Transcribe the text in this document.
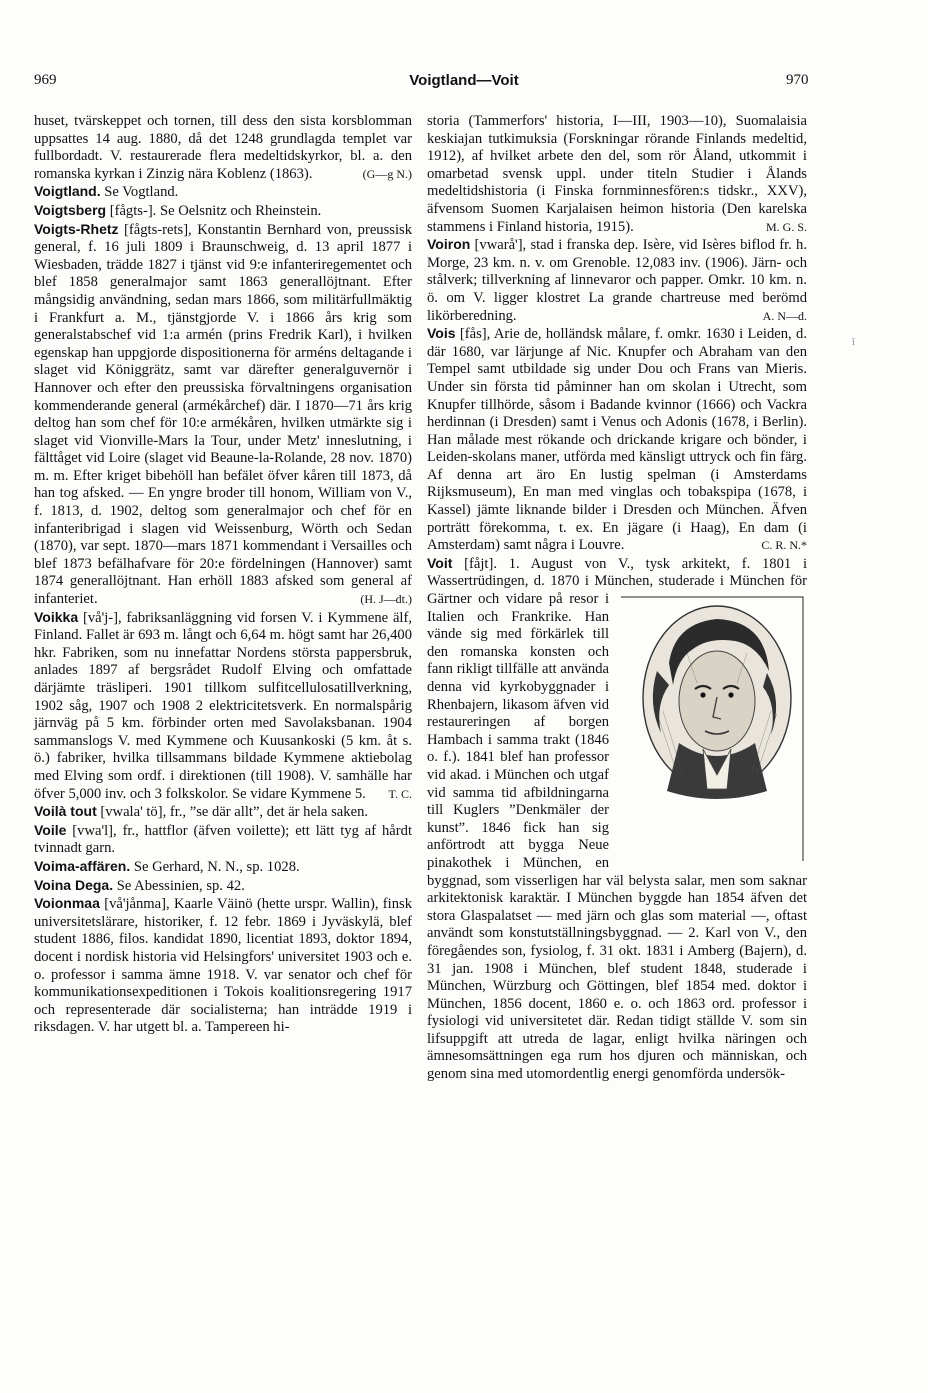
969	Voigtland—Voit	970

huset, tvärskeppet och tornen, till dess den sista korsblomman uppsattes 14 aug. 1880, då det 1248 grundlagda templet var fullbordadt. V. restaurerade flera medeltidskyrkor, bl. a. den romanska kyrkan i Zinzig nära Koblenz (1863).	(G—g N.)

Voigtland. Se Vogtland.

Voigtsberg [fågts-]. Se Oelsnitz och Rheinstein.

Voigts-Rhetz [fågts-rets], Konstantin Bernhard von, preussisk general, f. 16 juli 1809 i Braunschweig, d. 13 april 1877 i Wiesbaden, trädde 1827 i tjänst vid 9:e infanteriregementet och blef 1858 generalmajor samt 1863 generallöjtnant. Efter mångsidig användning, sedan mars 1866, som militärfullmäktig i Frankfurt a. M., tjänstgjorde V. i 1866 års krig som generalstabschef vid 1:a armén (prins Fredrik Karl), i hvilken egenskap han uppgjorde dispositionerna för arméns deltagande i slaget vid Königgrätz, samt var därefter generalguvernör i Hannover och efter den preussiska förvaltningens organisation kommenderande general (armékårchef) där. I 1870—71 års krig deltog han som chef för 10:e armékåren, hvilken utmärkte sig i slaget vid Vionville-Mars la Tour, under Metz' inneslutning, i fälttåget vid Loire (slaget vid Beaune-la-Rolande, 28 nov. 1870) m. m. Efter kriget bibehöll han befälet öfver kåren till 1873, då han tog afsked. — En yngre broder till honom, William von V., f. 1813, d. 1902, deltog som generalmajor och chef för en infanteribrigad i slagen vid Weissenburg, Wörth och Sedan (1870), var sept. 1870—mars 1871 kommendant i Versailles och blef 1873 befälhafvare för 20:e fördelningen (Hannover) samt 1874 generallöjtnant. Han erhöll 1883 afsked som general af infanteriet.	(H. J—dt.)

Voikka [vå'j-], fabriksanläggning vid forsen V. i Kymmene älf, Finland. Fallet är 693 m. långt och 6,64 m. högt samt har 26,400 hkr. Fabriken, som nu innefattar Nordens största pappersbruk, anlades 1897 af bergsrådet Rudolf Elving och omfattade därjämte träsliperi. 1901 tillkom sulfitcellulosatillverkning, 1902 såg, 1907 och 1908 2 elektricitetsverk. En normalspårig järnväg på 5 km. förbinder orten med Savolaksbanan. 1904 sammanslogs V. med Kymmene och Kuusankoski (5 km. åt s. ö.) fabriker, hvilka tillsammans bildade Kymmene aktiebolag med Elving som ordf. i direktionen (till 1908). V. samhälle har öfver 5,000 inv. och 3 folkskolor. Se vidare Kymmene 5. T. C.

Voilà tout [vwala' tö], fr., ”se där allt”, det är hela saken.

Voile [vwa'l], fr., hattflor (äfven voilette); ett lätt tyg af hårdt tvinnadt garn.

Voima-affären. Se Gerhard, N. N., sp. 1028.

Voina Dega. Se Abessinien, sp. 42.

Voionmaa [vå'jånma], Kaarle Väinö (hette urspr. Wallin), finsk universitetslärare, historiker, f. 12 febr. 1869 i Jyväskylä, blef student 1886, filos. kandidat 1890, licentiat 1893, doktor 1894, docent i nordisk historia vid Helsingfors' universitet 1903 och e. o. professor i samma ämne 1918. V. var senator och chef för kommunikationsexpeditionen i Tokois koalitionsregering 1917 och representerade där socialisterna; han inträdde 1919 i riksdagen. V. har utgett bl. a. Tampereen hi-

storia (Tammerfors' historia, I—III, 1903—10), Suomalaisia keskiajan tutkimuksia (Forskningar rörande Finlands medeltid, 1912), af hvilket arbete den del, som rör Åland, utkommit i omarbetad svensk uppl. under titeln Studier i Ålands medeltidshistoria (i Finska fornminnesfören:s tidskr., XXV), äfvensom Suomen Karjalaisen heimon historia (Den karelska stammens i Finland historia, 1915).	M. G. S.

Voiron [vwarå'], stad i franska dep. Isère, vid Isères biflod fr. h. Morge, 23 km. n. v. om Grenoble. 12,083 inv. (1906). Järn- och stålverk; tillverkning af linnevaror och papper. Omkr. 10 km. n. ö. om V. ligger klostret La grande chartreuse med berömd likörberedning.	A. N—d.

Vois [fås], Arie de, holländsk målare, f. omkr. 1630 i Leiden, d. där 1680, var lärjunge af Nic. Knupfer och Abraham van den Tempel samt utbildade sig under Dou och Frans van Mieris. Under sin första tid påminner han om skolan i Utrecht, som Knupfer tillhörde, såsom i Badande kvinnor (1666) och Vackra herdinnan (i Dresden) samt i Venus och Adonis (1678, i Berlin). Han målade mest rökande och drickande krigare och bönder, i Leiden-skolans maner, utförda med känsligt uttryck och fin färg. Af denna art äro En lustig spelman (i Amsterdams Rijksmuseum), En man med vinglas och tobakspipa (1678, i Kassel) jämte liknande bilder i Dresden och München. Äfven porträtt förekomma, t. ex. En jägare (i Haag), En dam (i Amsterdam) samt några i Louvre.	C. R. N.*

Voit [fåjt]. 1. August von V., tysk arkitekt, f. 1801 i Wassertrüdingen, d. 1870 i München, studerade i München för Gärtner och vidare
på resor i Italien och Frankrike. Han vände sig med förkärlek till den romanska konsten och fann rikligt tillfälle att använda denna vid kyrkobyggnader i Rhenbajern, likasom äfven vid restaureringen af borgen Hambach i samma trakt (1846 o. f.). 1841 blef han professor vid akad. i München och utgaf vid samma tid afbildningarna till Kuglers ”Denkmäler der kunst”. 1846 fick han sig anförtrodt att bygga Neue pinakothek i München, en byggnad, som visserligen har väl belysta salar, men som saknar arkitektonisk karaktär. I München byggde han 1854 äfven det stora Glaspalatset — med järn och glas som material —, oftast användt som konstutställningsbyggnad. — 2. Karl von V., den föregåendes son, fysiolog, f. 31 okt. 1831 i Amberg (Bajern), d. 31 jan. 1908 i München, blef student 1848, studerade i München, Würzburg och Göttingen, blef 1854 med. doktor i München, 1856 docent, 1860 e. o. och 1863 ord. professor i fysiologi vid universitetet där. Redan tidigt ställde V. som sin lifsuppgift att utreda de lagar, enligt hvilka näringen och ämnesomsättningen ega rum hos djuren och människan, och genom sina med utomordentlig energi genomförda undersök-

ǐ
